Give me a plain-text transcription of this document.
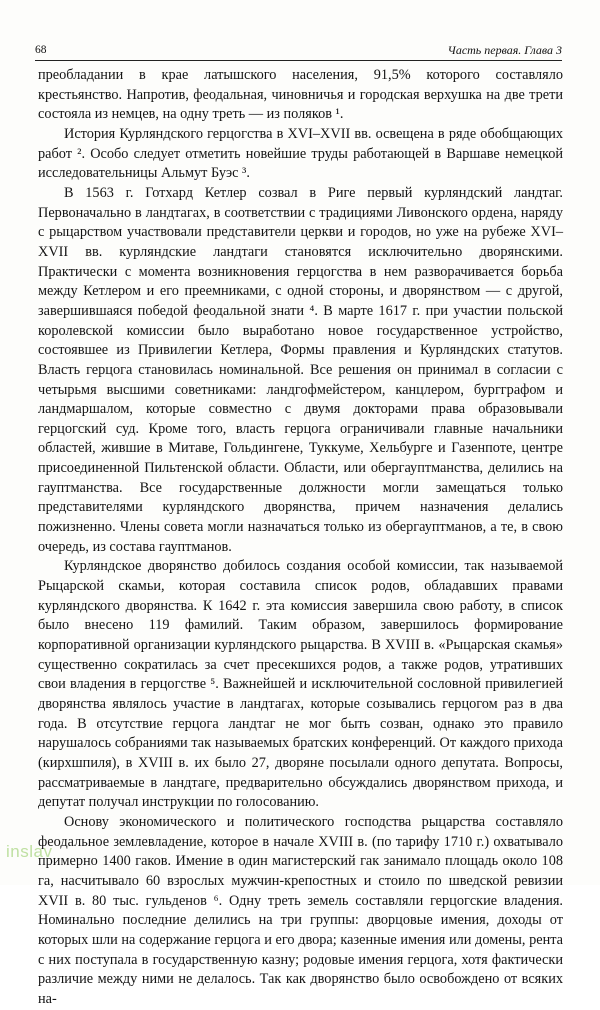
68	Часть первая. Глава 3

преобладании в крае латышского населения, 91,5% которого составляло крестьянство. Напротив, феодальная, чиновничья и городская верхушка на две трети состояла из немцев, на одну треть — из поляков ¹.

История Курляндского герцогства в XVI–XVII вв. освещена в ряде обобщающих работ ². Особо следует отметить новейшие труды работающей в Варшаве немецкой исследовательницы Альмут Буэс ³.

В 1563 г. Готхард Кетлер созвал в Риге первый курляндский ландтаг. Первоначально в ландтагах, в соответствии с традициями Ливонского ордена, наряду с рыцарством участвовали представители церкви и городов, но уже на рубеже XVI–XVII вв. курляндские ландтаги становятся исключительно дворянскими. Практически с момента возникновения герцогства в нем разворачивается борьба между Кетлером и его преемниками, с одной стороны, и дворянством — с другой, завершившаяся победой феодальной знати ⁴. В марте 1617 г. при участии польской королевской комиссии было выработано новое государственное устройство, состоявшее из Привилегии Кетлера, Формы правления и Курляндских статутов. Власть герцога становилась номинальной. Все решения он принимал в согласии с четырьмя высшими советниками: ландгофмейстером, канцлером, бургграфом и ландмаршалом, которые совместно с двумя докторами права образовывали герцогский суд. Кроме того, власть герцога ограничивали главные начальники областей, жившие в Митаве, Гольдингене, Туккуме, Хельбурге и Газенпоте, центре присоединенной Пильтенской области. Области, или обергауптманства, делились на гауптманства. Все государственные должности могли замещаться только представителями курляндского дворянства, причем назначения делались пожизненно. Члены совета могли назначаться только из обергауптманов, а те, в свою очередь, из состава гауптманов.

Курляндское дворянство добилось создания особой комиссии, так называемой Рыцарской скамьи, которая составила список родов, обладавших правами курляндского дворянства. К 1642 г. эта комиссия завершила свою работу, в список было внесено 119 фамилий. Таким образом, завершилось формирование корпоративной организации курляндского рыцарства. В XVIII в. «Рыцарская скамья» существенно сократилась за счет пресекшихся родов, а также родов, утративших свои владения в герцогстве ⁵. Важнейшей и исключительной сословной привилегией дворянства являлось участие в ландтагах, которые созывались герцогом раз в два года. В отсутствие герцога ландтаг не мог быть созван, однако это правило нарушалось собраниями так называемых братских конференций. От каждого прихода (кирхшпиля), в XVIII в. их было 27, дворяне посылали одного депутата. Вопросы, рассматриваемые в ландтаге, предварительно обсуждались дворянством прихода, и депутат получал инструкции по голосованию.

Основу экономического и политического господства рыцарства составляло феодальное землевладение, которое в начале XVIII в. (по тарифу 1710 г.) охватывало примерно 1400 гаков. Имение в один магистерский гак занимало площадь около 108 га, насчитывало 60 взрослых мужчин-крепостных и стоило по шведской ревизии XVII в. 80 тыс. гульденов ⁶. Одну треть земель составляли герцогские владения. Номинально последние делились на три группы: дворцовые имения, доходы от которых шли на содержание герцога и его двора; казенные имения или домены, рента с них поступала в государственную казну; родовые имения герцога, хотя фактически различие между ними не делалось. Так как дворянство было освобождено от всяких на-

inslav
